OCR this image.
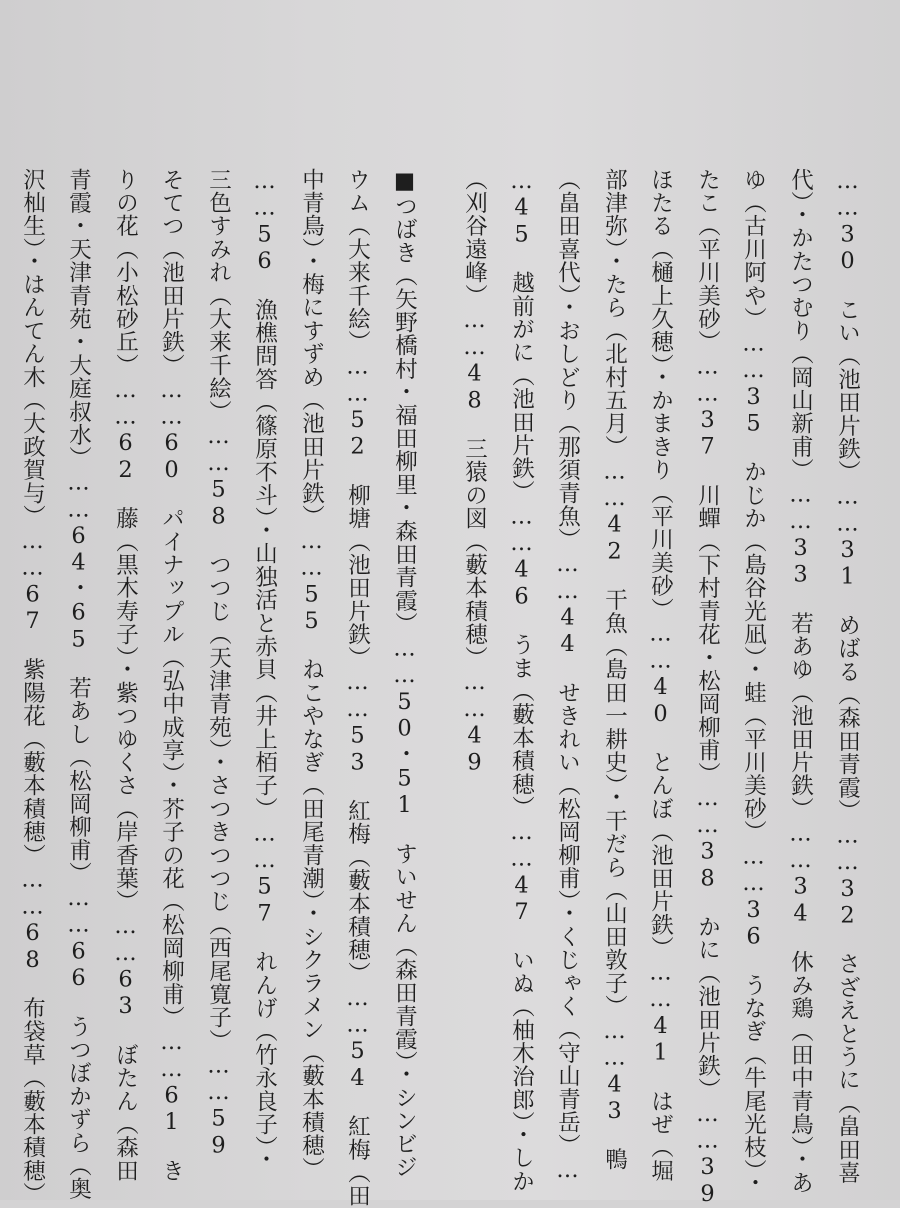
……30　こい（池田片鉄）……31　めばる（森田青霞）……32　さざえとうに（畠田喜
代）・かたつむり（岡山新甫）……33　若あゆ（池田片鉄）……34　休み鶏（田中青鳥）・あ
ゆ（古川阿や）……35　かじか（島谷光凪）・蛙（平川美砂）……36　うなぎ（牛尾光枝）・
たこ（平川美砂）……37　川蟬（下村青花・松岡柳甫）……38　かに（池田片鉄）……39
ほたる（樋上久穂）・かまきり（平川美砂）……40　とんぼ（池田片鉄）……41　はぜ（堀
部津弥）・たら（北村五月）……42　干魚（島田一耕史）・干だら（山田敦子）……43　鴨
（畠田喜代）・おしどり（那須青魚）……44　せきれい（松岡柳甫）・くじゃく（守山青岳）…
…45　越前がに（池田片鉄）……46　うま（藪本積穂）……47　いぬ（柚木治郎）・しか
（刈谷遠峰）……48　三猿の図（藪本積穂）……49
■つばき（矢野橋村・福田柳里・森田青霞）……50・51　すいせん（森田青霞）・シンビジ
ウム（大来千絵）……52　柳塘（池田片鉄）……53　紅梅（藪本積穂）……54　紅梅（田
中青鳥）・梅にすずめ（池田片鉄）……55　ねこやなぎ（田尾青潮）・シクラメン（藪本積穂）
……56　漁樵問答（篠原不斗）・山独活と赤貝（井上栢子）……57　れんげ（竹永良子）・
三色すみれ（大来千絵）……58　つつじ（天津青苑）・さつきつつじ（西尾寛子）……59
そてつ（池田片鉄）……60　パイナップル（弘中成享）・芥子の花（松岡柳甫）……61　き
りの花（小松砂丘）……62　藤（黒木寿子）・紫つゆくさ（岸香葉）……63　ぼたん（森田
青霞・天津青苑・大庭叔水）……64・65　若あし（松岡柳甫）……66　うつぼかずら（奥
沢杣生）・はんてん木（大政賀与）……67　紫陽花（藪本積穂）……68　布袋草（藪本積穂）
